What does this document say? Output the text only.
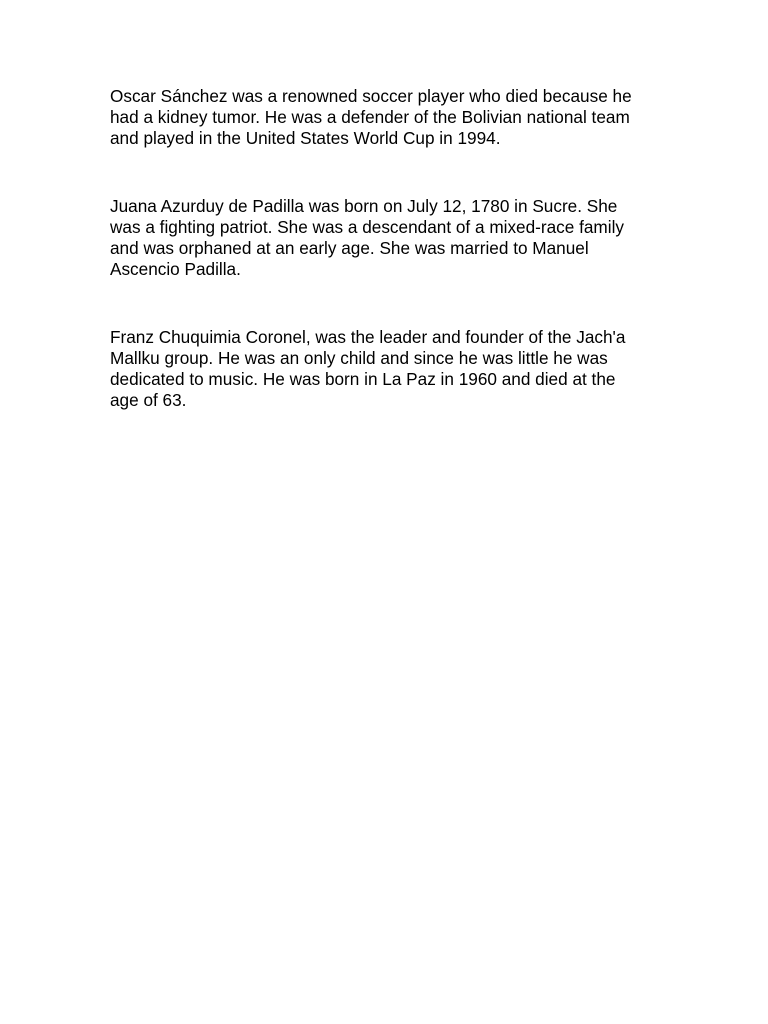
Oscar Sánchez was a renowned soccer player who died because he
had a kidney tumor. He was a defender of the Bolivian national team
and played in the United States World Cup in 1994.

Juana Azurduy de Padilla was born on July 12, 1780 in Sucre. She
was a fighting patriot. She was a descendant of a mixed-race family
and was orphaned at an early age. She was married to Manuel
Ascencio Padilla.

Franz Chuquimia Coronel, was the leader and founder of the Jach'a
Mallku group. He was an only child and since he was little he was
dedicated to music. He was born in La Paz in 1960 and died at the
age of 63.
